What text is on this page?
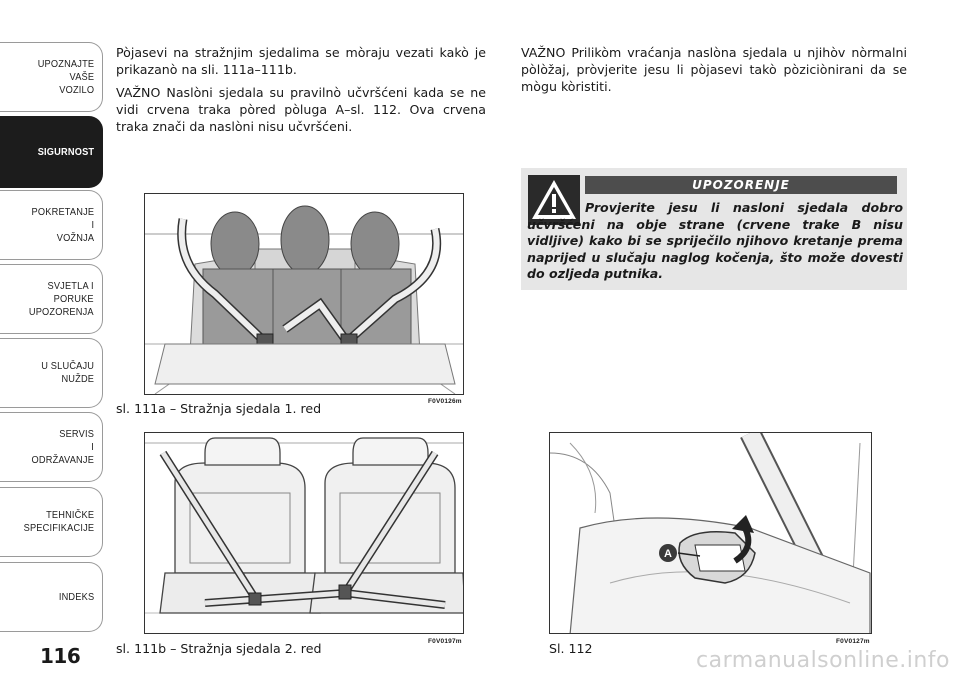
UPOZNAJTE
VAŠE
VOZILO
SIGURNOST
POKRETANJE
I
VOŽNJA
SVJETLA I
PORUKE
UPOZORENJA
U SLUČAJU
NUŽDE
SERVIS
I
ODRŽAVANJE
TEHNIČKE
SPECIFIKACIJE
INDEKS
116

Pòjasevi na stražnjim sjedalima se mòraju vezati kakò je prikazanò na sli. 111a–111b.

VAŽNO Naslòni sjedala su pravilnò učvršćeni kada se ne vidi crvena traka pòred pòluga A–sl. 112. Ova crvena traka znači da naslòni nisu učvršćeni.

VAŽNO Prilikòm vraćanja naslòna sjedala u njihòv nòrmalni pòlòžaj, pròvjerite jesu li pòjasevi takò pòziciònirani da se mògu kòristiti.

UPOZORENJE

Provjerite jesu li nasloni sjedala dobro učvršćeni na obje strane (crvene trake B nisu vidljive) kako bi se spriječilo njihovo kretanje prema naprijed u slučaju naglog kočenja, što može dovesti do ozljeda putnika.

sl. 111a – Stražnja sjedala 1. red	F0V0126m
sl. 111b – Stražnja sjedala 2. red	F0V0197m
A
Sl. 112	F0V0127m
carmanualsonline.info
